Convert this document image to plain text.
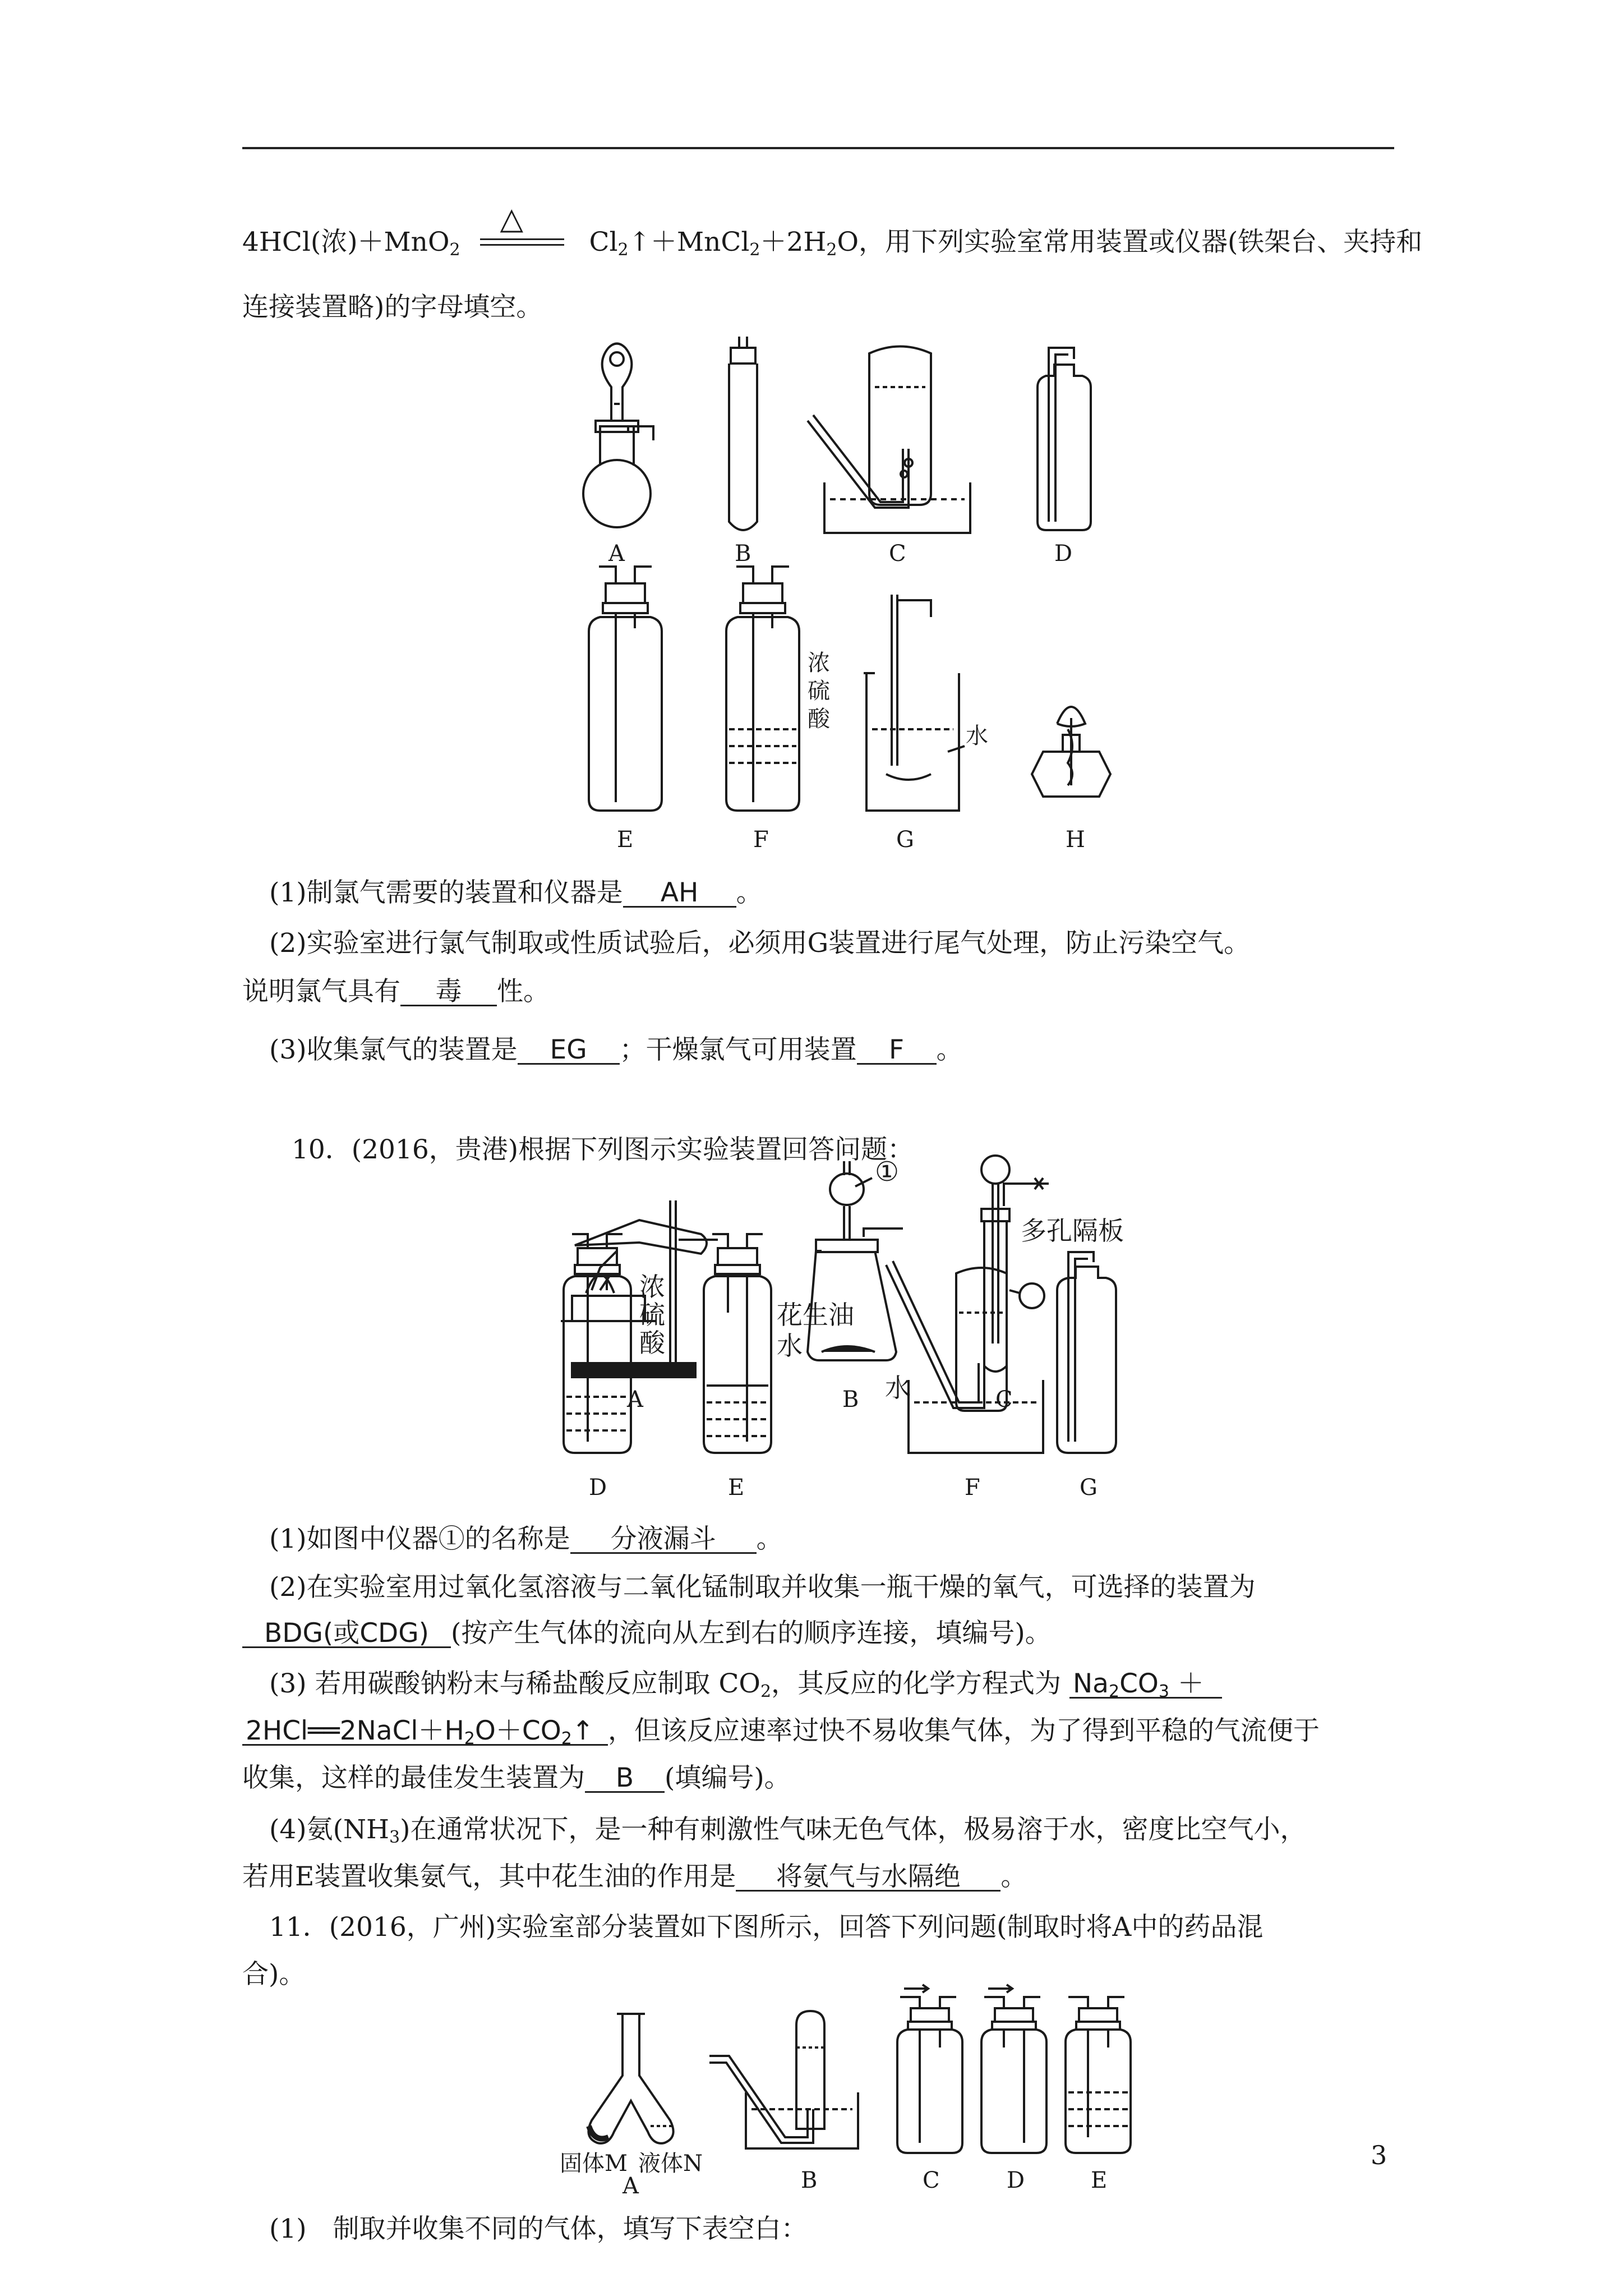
4HCl(浓)＋MnO$_2$
△
$Cl_2↑+MnCl_2+2H_2O$，用下列实验室常用装置或仪器(铁架台、夹持和
连接装置略)的字母填空。
A	B	C	D
E	F	G	H
浓
硫
酸
水
(1)制氯气需要的装置和仪器是 AH 。
(2)实验室进行氯气制取或性质试验后，必须用G装置进行尾气处理，防止污染空气。
说明氯气具有 毒 性。
(3)收集氯气的装置是 EG ；干燥氯气可用装置 F 。
10．(2016，贵港)根据下列图示实验装置回答问题：
A	B	C
①
多孔隔板
D	E	F	G
浓
硫
酸
花生油
水
水
(1)如图中仪器①的名称是 分液漏斗 。
(2)在实验室用过氧化氢溶液与二氧化锰制取并收集一瓶干燥的氧气，可选择的装置为
BDG(或CDG) (按产生气体的流向从左到右的顺序连接，填编号)。
(3) 若用碳酸钠粉末与稀盐酸反应制取 $CO_2$，其反应的化学方程式为 $Na_2CO_3$ ＋
$2HCl══2NaCl+H_2O+CO_2↑$ ，但该反应速率过快不易收集气体，为了得到平稳的气流便于
收集，这样的最佳发生装置为 B (填编号)。
(4)氨$(NH_3)$在通常状况下，是一种有刺激性气味无色气体，极易溶于水，密度比空气小，
若用E装置收集氨气，其中花生油的作用是 将氨气与水隔绝 。
11．(2016，广州)实验室部分装置如下图所示，回答下列问题(制取时将A中的药品混
合)。
固体M 液体N
A	B	C	D	E
(1)　制取并收集不同的气体，填写下表空白：
3
